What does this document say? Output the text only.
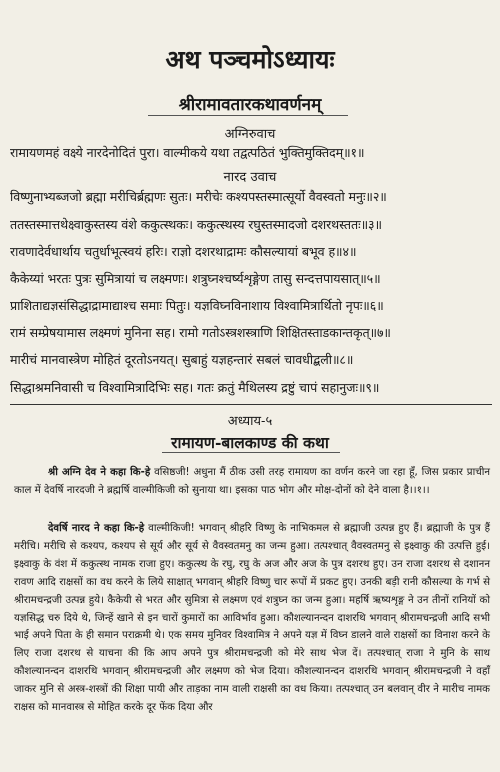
अथ पञ्चमोऽध्यायः
श्रीरामावतारकथावर्णनम्
अग्निरुवाच
रामायणमहं वक्ष्ये नारदेनोदितं पुरा। वाल्मीकये यथा तद्वत्पठितं भुक्तिमुक्तिदम्॥१॥
नारद उवाच
विष्णुनाभ्यब्जजो ब्रह्मा मरीचिर्ब्रह्मणः सुतः। मरीचेः कश्यपस्तस्मात्सूर्यो वैवस्वतो मनुः॥२॥
ततस्तस्मात्तथेक्ष्वाकुस्तस्य वंशे ककुत्स्थकः। ककुत्स्थस्य रघुस्तस्मादजो दशरथस्ततः॥३॥
रावणादेर्वधार्थाय चतुर्धाभूत्स्वयं हरिः। राज्ञो दशरथाद्रामः कौसल्यायां बभूव ह॥४॥
कैकेय्यां भरतः पुत्रः सुमित्रायां च लक्ष्मणः। शत्रुघ्नश्चर्ष्यशृङ्गेण तासु सन्दत्तपायसात्॥५॥
प्राशिताद्यज्ञसंसिद्धाद्रामाद्याश्च समाः पितुः। यज्ञविघ्नविनाशाय विश्वामित्रार्थितो नृपः॥६॥
रामं सम्प्रेषयामास लक्ष्मणं मुनिना सह। रामो गतोऽस्त्रशस्त्राणि शिक्षितस्ताडकान्तकृत्॥७॥
मारीचं मानवास्त्रेण मोहितं दूरतोऽनयत्। सुबाहुं यज्ञहन्तारं सबलं चावधीद्बली॥८॥
सिद्धाश्रमनिवासी च विश्वामित्रादिभिः सह। गतः क्रतुं मैथिलस्य द्रष्टुं चापं सहानुजः॥९॥
अध्याय-५
रामायण-बालकाण्ड की कथा
श्री अग्नि देव ने कहा कि-हे वसिष्ठजी! अधुना मैं ठीक उसी तरह रामायण का वर्णन करने जा रहा हूँ, जिस प्रकार प्राचीन काल में देवर्षि नारदजी ने ब्रह्मर्षि वाल्मीकिजी को सुनाया था। इसका पाठ भोग और मोक्ष-दोनों को देने वाला है।।१।।
देवर्षि नारद ने कहा कि-हे वाल्मीकिजी! भगवान् श्रीहरि विष्णु के नाभिकमल से ब्रह्माजी उत्पन्न हुए हैं। ब्रह्माजी के पुत्र हैं मरीचि। मरीचि से कश्यप, कश्यप से सूर्य और सूर्य से वैवस्वतमनु का जन्म हुआ। तत्पश्चात् वैवस्वतमनु से इक्ष्वाकु की उत्पत्ति हुई। इक्ष्वाकु के वंश में ककुत्स्थ नामक राजा हुए। ककुत्स्थ के रघु, रघु के अज और अज के पुत्र दशरथ हुए। उन राजा दशरथ से दशानन रावण आदि राक्षसों का वध करने के लिये साक्षात् भगवान् श्रीहरि विष्णु चार रूपों में प्रकट हुए। उनकी बड़ी रानी कौसल्या के गर्भ से श्रीरामचन्द्रजी उत्पन्न हुये। कैकेयी से भरत और सुमित्रा से लक्ष्मण एवं शत्रुघ्न का जन्म हुआ। महर्षि ऋष्यशृङ्ग ने उन तीनों रानियों को यज्ञसिद्ध चरु दिये थे, जिन्हें खाने से इन चारों कुमारों का आविर्भाव हुआ। कौशल्यानन्दन दाशरथि भगवान् श्रीरामचन्द्रजी आदि सभी भाई अपने पिता के ही समान पराक्रमी थे। एक समय मुनिवर विश्वामित्र ने अपने यज्ञ में विघ्न डालने वाले राक्षसों का विनाश करने के लिए राजा दशरथ से याचना की कि आप अपने पुत्र श्रीरामचन्द्रजी को मेरे साथ भेज दें। तत्पश्चात् राजा ने मुनि के साथ कौशल्यानन्दन दाशरथि भगवान् श्रीरामचन्द्रजी और लक्ष्मण को भेज दिया। कौशल्यानन्दन दाशरथि भगवान् श्रीरामचन्द्रजी ने वहाँ जाकर मुनि से अस्त्र-शस्त्रों की शिक्षा पायी और ताड़का नाम वाली राक्षसी का वध किया। तत्पश्चात् उन बलवान् वीर ने मारीच नामक राक्षस को मानवास्त्र से मोहित करके दूर फेंक दिया और
